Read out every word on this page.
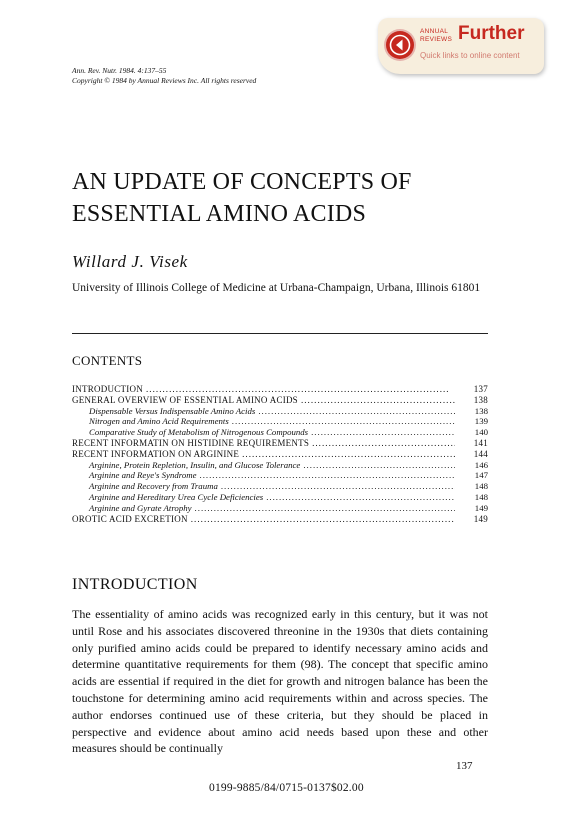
ANNUAL REVIEWS Further
Quick links to online content
Ann. Rev. Nutr. 1984. 4:137–55
Copyright © 1984 by Annual Reviews Inc. All rights reserved
AN UPDATE OF CONCEPTS OF ESSENTIAL AMINO ACIDS
Willard J. Visek
University of Illinois College of Medicine at Urbana-Champaign, Urbana, Illinois 61801
CONTENTS
INTRODUCTION . . .	137
GENERAL OVERVIEW OF ESSENTIAL AMINO ACIDS . . .	138
Dispensable Versus Indispensable Amino Acids . . .	138
Nitrogen and Amino Acid Requirements . . .	139
Comparative Study of Metabolism of Nitrogenous Compounds . . .	140
RECENT INFORMATIN ON HISTIDINE REQUIREMENTS . . .	141
RECENT INFORMATION ON ARGININE . . .	144
Arginine, Protein Repletion, Insulin, and Glucose Tolerance . . .	146
Arginine and Reye's Syndrome . . .	147
Arginine and Recovery from Trauma . . .	148
Arginine and Hereditary Urea Cycle Deficiencies . . .	148
Arginine and Gyrate Atrophy . . .	149
OROTIC ACID EXCRETION . . .	149
INTRODUCTION
The essentiality of amino acids was recognized early in this century, but it was not until Rose and his associates discovered threonine in the 1930s that diets containing only purified amino acids could be prepared to identify necessary amino acids and determine quantitative requirements for them (98). The concept that specific amino acids are essential if required in the diet for growth and nitrogen balance has been the touchstone for determining amino acid requirements within and across species. The author endorses continued use of these criteria, but they should be placed in perspective and evidence about amino acid needs based upon these and other measures should be continually
137
0199-9885/84/0715-0137$02.00
